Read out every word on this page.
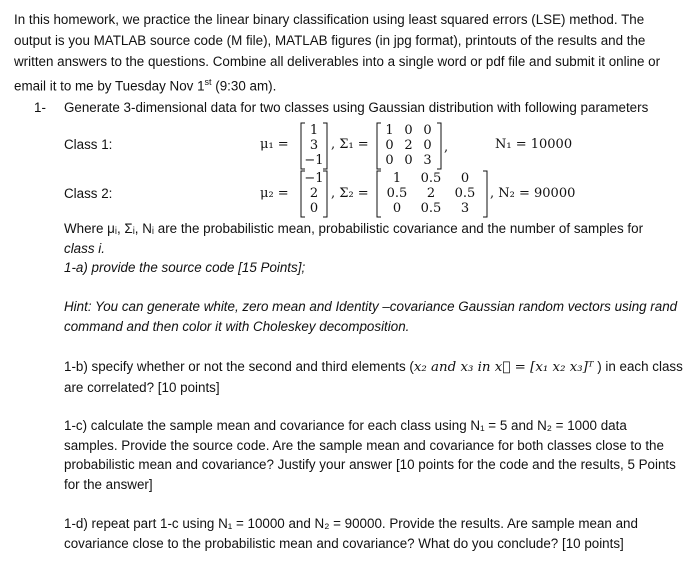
In this homework, we practice the linear binary classification using least squared errors (LSE) method. The
output is you MATLAB source code (M file), MATLAB figures (in jpg format), printouts of the results and the
written answers to the questions. Combine all deliverables into a single word or pdf file and submit it online or
email it to me by Tuesday Nov 1st (9:30 am).
1- Generate 3-dimensional data for two classes using Gaussian distribution with following parameters
Class 1:	μ₁ =
1
3
−1
, Σ₁ =
1 0 0
0 2 0
0 0 3
,	N₁ = 10000
Class 2:	μ₂ =
−1
2
0
, Σ₂ =
1	0.5	0
0.5	2	0.5
0	0.5	3
, N₂ = 90000
Where μᵢ, Σᵢ, Nᵢ are the probabilistic mean, probabilistic covariance and the number of samples for
class i.
1-a) provide the source code [15 Points];
Hint: You can generate white, zero mean and Identity –covariance Gaussian random vectors using rand
command and then color it with Choleskey decomposition.
1-b) specify whether or not the second and third elements (x₂ and x₃ in x⃗ = [x₁ x₂ x₃]ᵀ ) in each class
are correlated? [10 points]
1-c) calculate the sample mean and covariance for each class using N₁ = 5 and N₂ = 1000 data
samples. Provide the source code. Are the sample mean and covariance for both classes close to the
probabilistic mean and covariance? Justify your answer [10 points for the code and the results, 5 Points
for the answer]
1-d) repeat part 1-c using N₁ = 10000 and N₂ = 90000. Provide the results. Are sample mean and
covariance close to the probabilistic mean and covariance? What do you conclude? [10 points]
